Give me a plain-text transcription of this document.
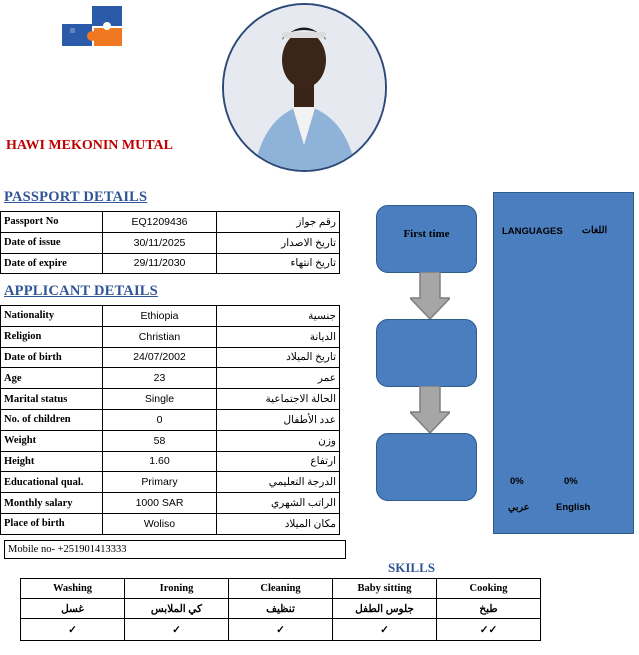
HAWI MEKONIN MUTAL
PASSPORT DETAILS
Passport No	EQ1209436	رقم جواز
Date of issue	30/11/2025	تاريخ الاصدار
Date of expire	29/11/2030	تاريخ انتهاء
APPLICANT DETAILS
Nationality	Ethiopia	جنسية
Religion	Christian	الديانة
Date of birth	24/07/2002	تاريخ الميلاد
Age	23	عمر
Marital status	Single	الحالة الاجتماعية
No. of children	0	عدد الأطفال
Weight	58	وزن
Height	1.60	ارتفاع
Educational qual.	Primary	الدرجة التعليمي
Monthly salary	1000 SAR	الراتب الشهري
Place of birth	Woliso	مكان الميلاد
Mobile no- +251901413333
First time	LANGUAGES اللغات
0%	0%
عربي	English
SKILLS
Washing	Ironing	Cleaning	Baby sitting	Cooking
غسل	كي الملابس	تنظيف	جلوس الطفل	طبخ
✓	✓	✓	✓	✓✓
